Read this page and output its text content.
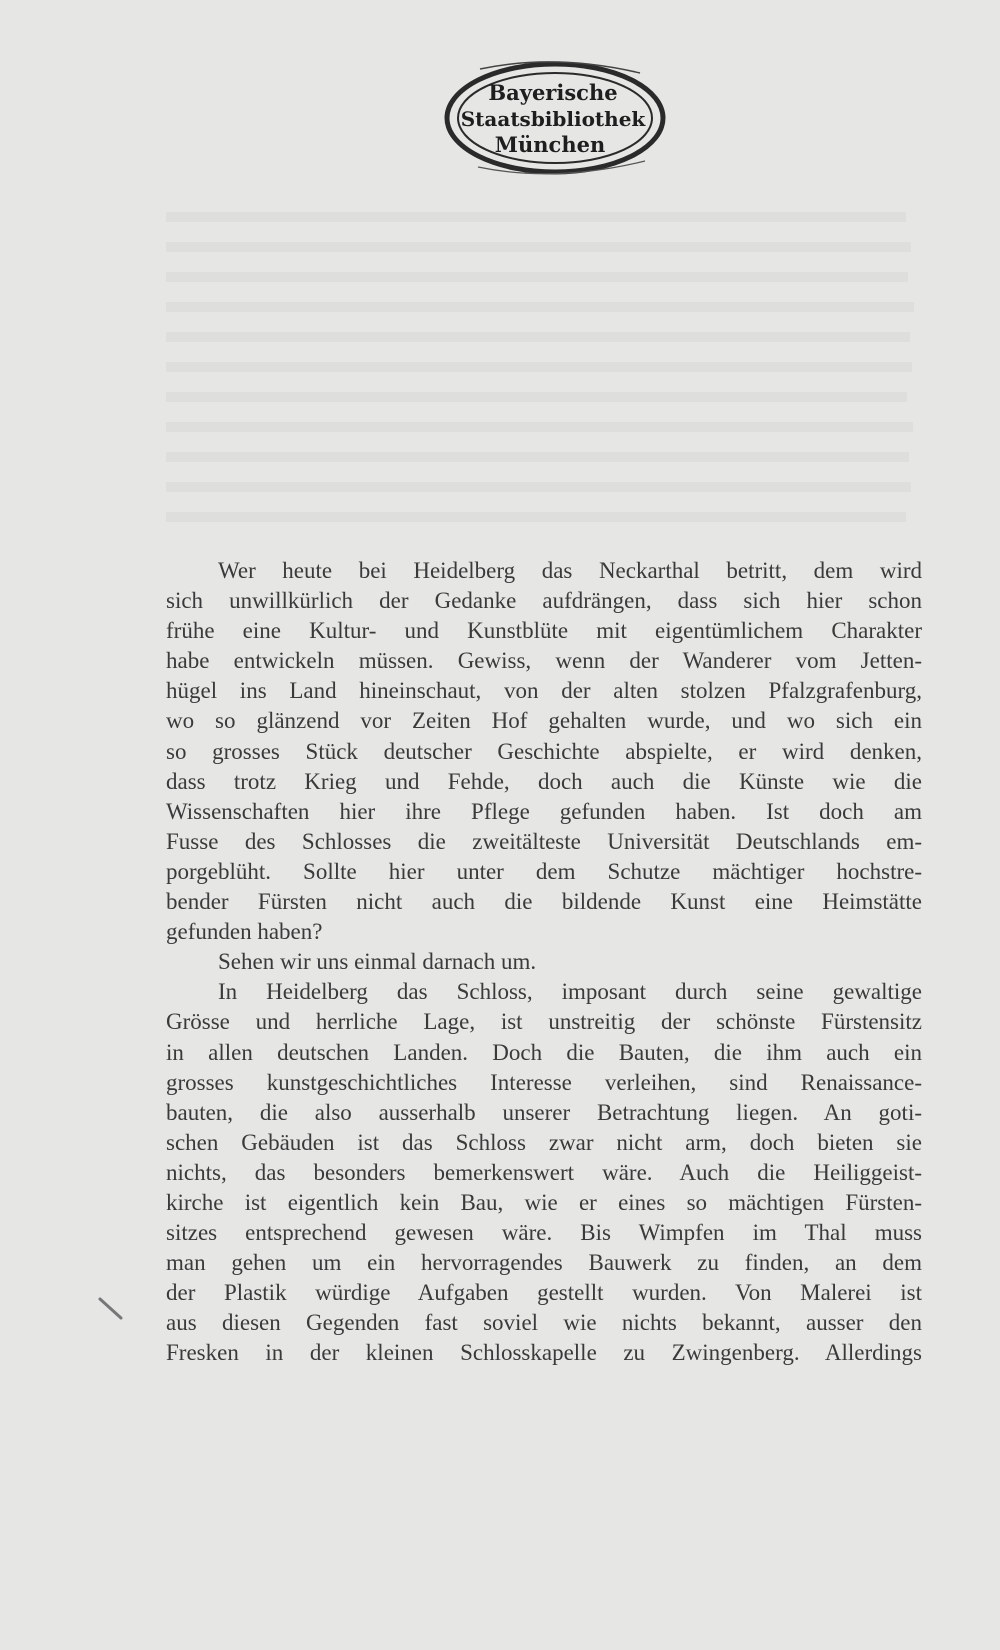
Bayerische
Staatsbibliothek
München
Wer heute bei Heidelberg das Neckarthal betritt, dem wird
sich unwillkürlich der Gedanke aufdrängen, dass sich hier schon
frühe eine Kultur- und Kunstblüte mit eigentümlichem Charakter
habe entwickeln müssen. Gewiss, wenn der Wanderer vom Jetten-
hügel ins Land hineinschaut, von der alten stolzen Pfalzgrafenburg,
wo so glänzend vor Zeiten Hof gehalten wurde, und wo sich ein
so grosses Stück deutscher Geschichte abspielte, er wird denken,
dass trotz Krieg und Fehde, doch auch die Künste wie die
Wissenschaften hier ihre Pflege gefunden haben. Ist doch am
Fusse des Schlosses die zweitälteste Universität Deutschlands em-
porgeblüht. Sollte hier unter dem Schutze mächtiger hochstre-
bender Fürsten nicht auch die bildende Kunst eine Heimstätte
gefunden haben?
Sehen wir uns einmal darnach um.
In Heidelberg das Schloss, imposant durch seine gewaltige
Grösse und herrliche Lage, ist unstreitig der schönste Fürstensitz
in allen deutschen Landen. Doch die Bauten, die ihm auch ein
grosses kunstgeschichtliches Interesse verleihen, sind Renaissance-
bauten, die also ausserhalb unserer Betrachtung liegen. An goti-
schen Gebäuden ist das Schloss zwar nicht arm, doch bieten sie
nichts, das besonders bemerkenswert wäre. Auch die Heiliggeist-
kirche ist eigentlich kein Bau, wie er eines so mächtigen Fürsten-
sitzes entsprechend gewesen wäre. Bis Wimpfen im Thal muss
man gehen um ein hervorragendes Bauwerk zu finden, an dem
der Plastik würdige Aufgaben gestellt wurden. Von Malerei ist
aus diesen Gegenden fast soviel wie nichts bekannt, ausser den
Fresken in der kleinen Schlosskapelle zu Zwingenberg. Allerdings
